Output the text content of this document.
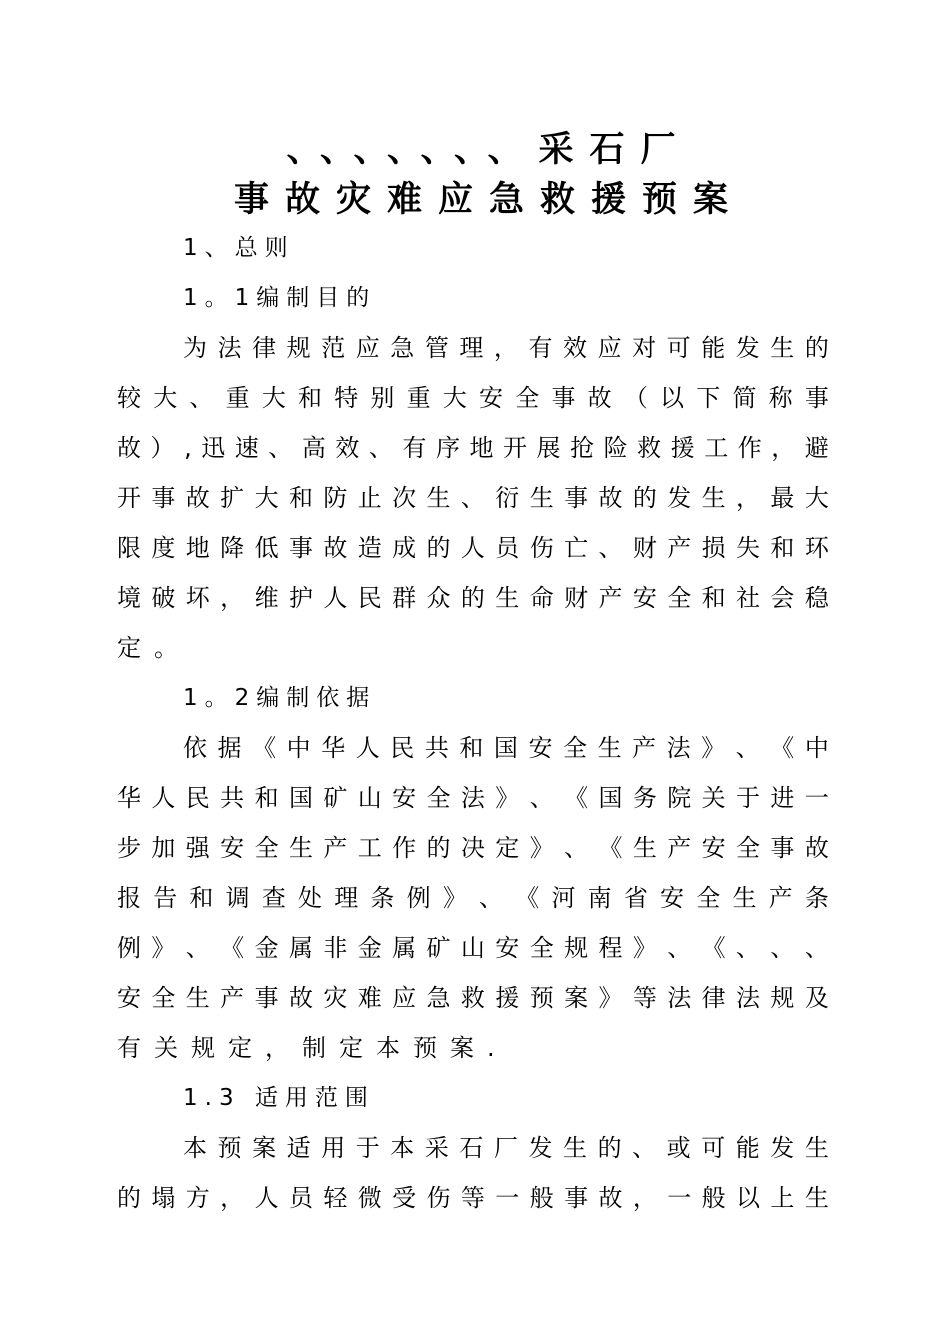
、、、、、、、采石厂
事故灾难应急救援预案
1、总则
1。1编制目的
为 法 律 规 范 应 急 管 理 ， 有 效 应 对 可 能 发 生 的
较 大 、 重 大 和 特 别 重 大 安 全 事 故 （ 以 下 简 称 事
故 ） , 迅 速 、 高 效 、 有 序 地 开 展 抢 险 救 援 工 作 ， 避
开 事 故 扩 大 和 防 止 次 生 、 衍 生 事 故 的 发 生 ， 最 大
限 度 地 降 低 事 故 造 成 的 人 员 伤 亡 、 财 产 损 失 和 环
境 破 坏 ， 维 护 人 民 群 众 的 生 命 财 产 安 全 和 社 会 稳
定 。
1。2编制依据
依 据 《 中 华 人 民 共 和 国 安 全 生 产 法 》 、 《 中
华 人 民 共 和 国 矿 山 安 全 法 》 、 《 国 务 院 关 于 进 一
步 加 强 安 全 生 产 工 作 的 决 定 》 、 《 生 产 安 全 事 故
报 告 和 调 查 处 理 条 例 》 、 《 河 南 省 安 全 生 产 条
例 》 、 《 金 属 非 金 属 矿 山 安 全 规 程 》 、 《 、 、 、
安 全 生 产 事 故 灾 难 应 急 救 援 预 案 》 等 法 律 法 规 及
有 关 规 定 ， 制 定 本 预 案 .
1.3 适用范围
本 预 案 适 用 于 本 采 石 厂 发 生 的 、 或 可 能 发 生
的 塌 方 ， 人 员 轻 微 受 伤 等 一 般 事 故 ， 一 般 以 上 生
